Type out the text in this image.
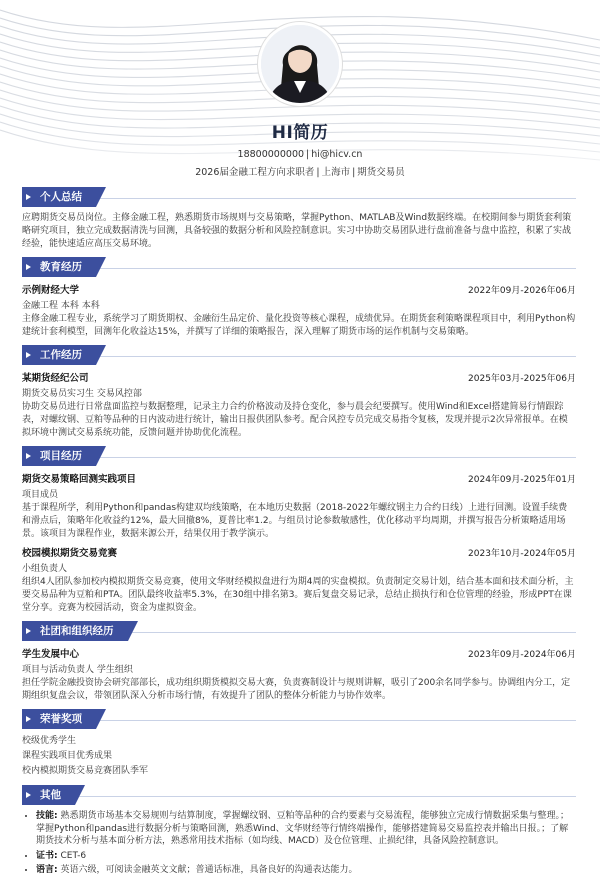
HI简历
18800000000 | hi@hicv.cn
2026届金融工程方向求职者 | 上海市 | 期货交易员
个人总结

应聘期货交易员岗位。主修金融工程，熟悉期货市场规则与交易策略，掌握Python、MATLAB及Wind数据终端。在校期间参与期货套利策略研究项目，独立完成数据清洗与回测，具备较强的数据分析和风险控制意识。实习中协助交易团队进行盘前准备与盘中监控，积累了实战经验，能快速适应高压交易环境。

教育经历
示例财经大学	2022年09月-2026年06月
金融工程 本科 本科

主修金融工程专业，系统学习了期货期权、金融衍生品定价、量化投资等核心课程，成绩优异。在期货套利策略课程项目中，利用Python构建统计套利模型，回测年化收益达15%，并撰写了详细的策略报告，深入理解了期货市场的运作机制与交易策略。

工作经历
某期货经纪公司	2025年03月-2025年06月
期货交易员实习生 交易风控部

协助交易员进行日常盘面监控与数据整理，记录主力合约价格波动及持仓变化，参与晨会纪要撰写。使用Wind和Excel搭建简易行情跟踪表，对螺纹钢、豆粕等品种的日内波动进行统计，输出日报供团队参考。配合风控专员完成交易指令复核，发现并提示2次异常报单。在模拟环境中测试交易系统功能，反馈问题并协助优化流程。

项目经历
期货交易策略回测实践项目	2024年09月-2025年01月
项目成员

基于课程所学，利用Python和pandas构建双均线策略，在本地历史数据（2018-2022年螺纹钢主力合约日线）上进行回测。设置手续费和滑点后，策略年化收益约12%，最大回撤8%，夏普比率1.2。与组员讨论参数敏感性，优化移动平均周期，并撰写报告分析策略适用场景。该项目为课程作业，数据来源公开，结果仅用于教学演示。

校园模拟期货交易竞赛	2023年10月-2024年05月
小组负责人

组织4人团队参加校内模拟期货交易竞赛，使用文华财经模拟盘进行为期4周的实盘模拟。负责制定交易计划，结合基本面和技术面分析，主要交易品种为豆粕和PTA。团队最终收益率5.3%，在30组中排名第3。赛后复盘交易记录，总结止损执行和仓位管理的经验，形成PPT在课堂分享。竞赛为校园活动，资金为虚拟资金。

社团和组织经历
学生发展中心	2023年09月-2024年06月
项目与活动负责人 学生组织

担任学院金融投资协会研究部部长，成功组织期货模拟交易大赛，负责赛制设计与规则讲解，吸引了200余名同学参与。协调组内分工，定期组织复盘会议，带领团队深入分析市场行情，有效提升了团队的整体分析能力与协作效率。

荣誉奖项
校级优秀学生
课程实践项目优秀成果
校内模拟期货交易竞赛团队季军
其他
• 技能: 熟悉期货市场基本交易规则与结算制度，掌握螺纹钢、豆粕等品种的合约要素与交易流程，能够独立完成行情数据采集与整理。；掌握Python和pandas进行数据分析与策略回测，熟悉Wind、文华财经等行情终端操作，能够搭建简易交易监控表并输出日报。；了解期货技术分析与基本面分析方法，熟悉常用技术指标（如均线、MACD）及仓位管理、止损纪律，具备风险控制意识。
• 证书: CET-6
• 语言: 英语六级，可阅读金融英文文献；普通话标准，具备良好的沟通表达能力。
